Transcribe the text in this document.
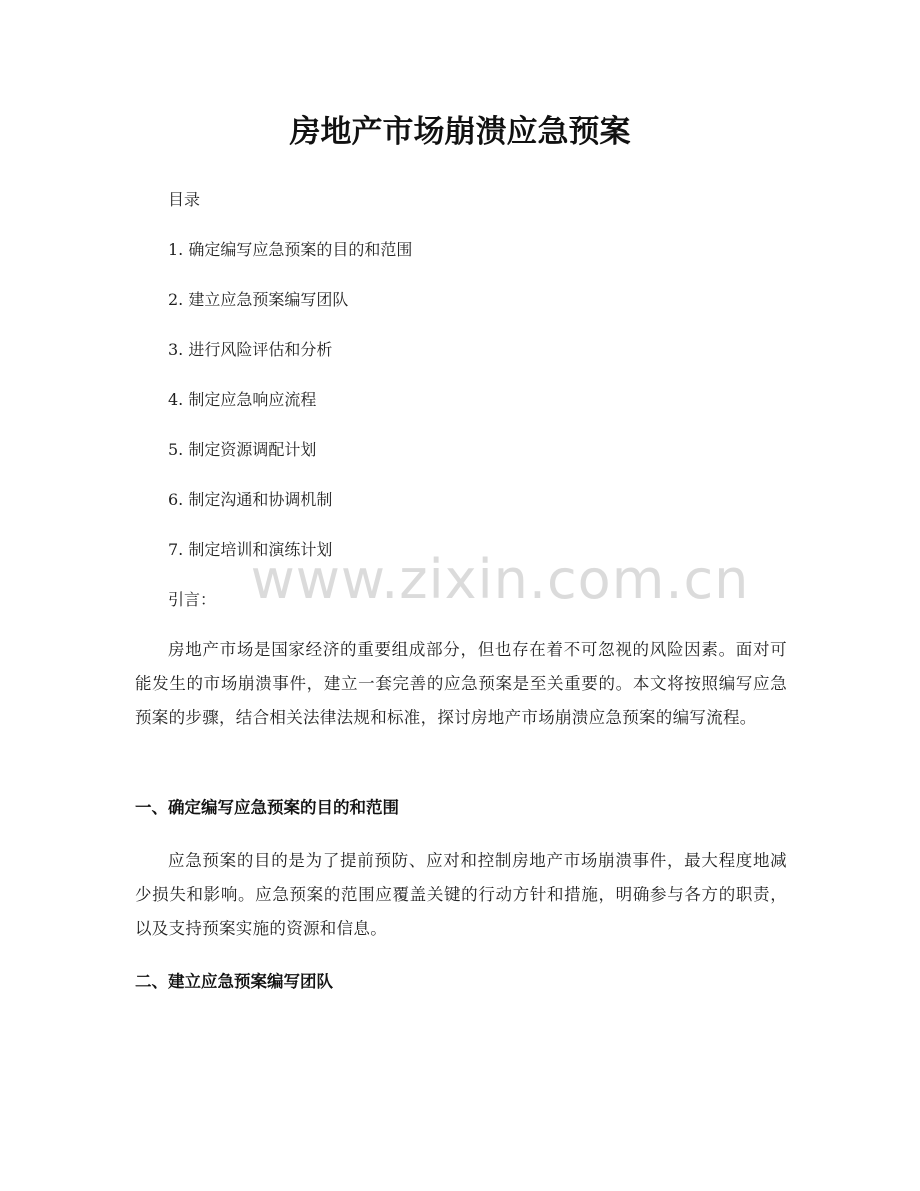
房地产市场崩溃应急预案

目录

1. 确定编写应急预案的目的和范围

2. 建立应急预案编写团队

3. 进行风险评估和分析

4. 制定应急响应流程

5. 制定资源调配计划

6. 制定沟通和协调机制

7. 制定培训和演练计划

引言：

房地产市场是国家经济的重要组成部分，但也存在着不可忽视的风险因素。面对可能发生的市场崩溃事件，建立一套完善的应急预案是至关重要的。本文将按照编写应急预案的步骤，结合相关法律法规和标准，探讨房地产市场崩溃应急预案的编写流程。

一、确定编写应急预案的目的和范围

应急预案的目的是为了提前预防、应对和控制房地产市场崩溃事件，最大程度地减少损失和影响。应急预案的范围应覆盖关键的行动方针和措施，明确参与各方的职责，以及支持预案实施的资源和信息。

二、建立应急预案编写团队
www.zixin.com.cn
